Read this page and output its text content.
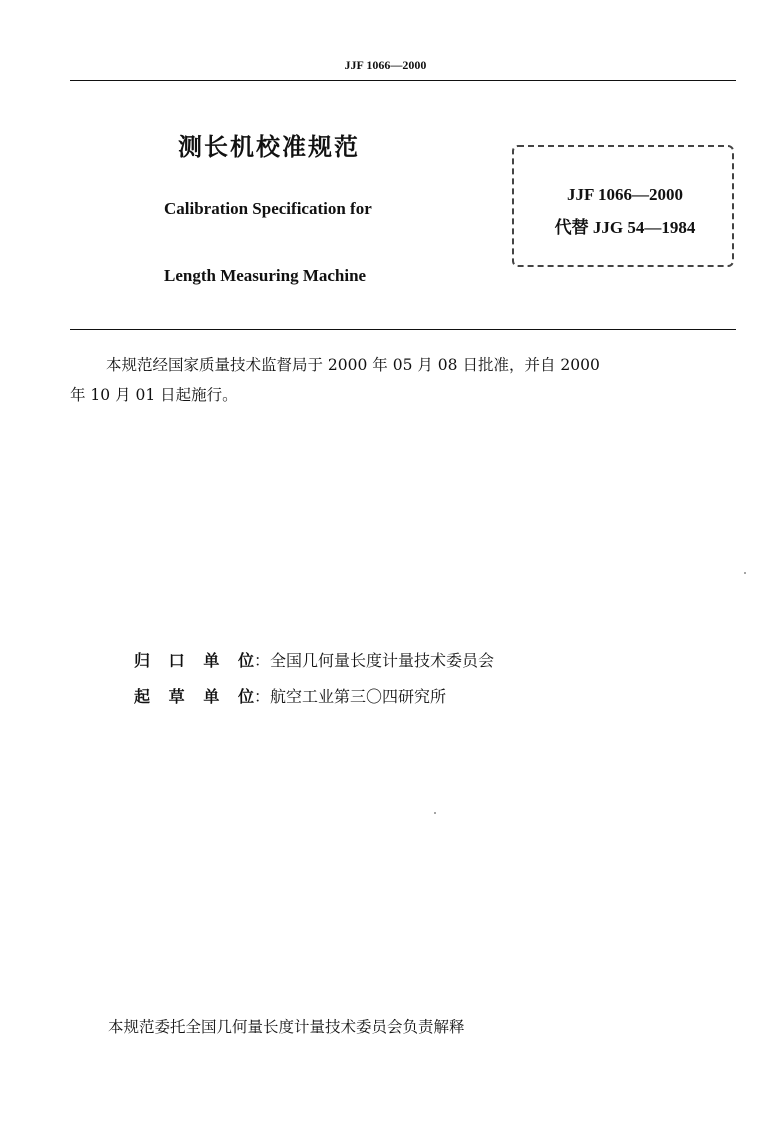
JJF 1066—2000
测长机校准规范
Calibration Specification for
Length Measuring Machine
JJF 1066—2000
代替 JJG 54—1984
本规范经国家质量技术监督局于 2000 年 05 月 08 日批准，并自 2000
年 10 月 01 日起施行。
归 口 单 位 ： 全国几何量长度计量技术委员会
起 草 单 位 ： 航空工业第三〇四研究所
本规范委托全国几何量长度计量技术委员会负责解释
